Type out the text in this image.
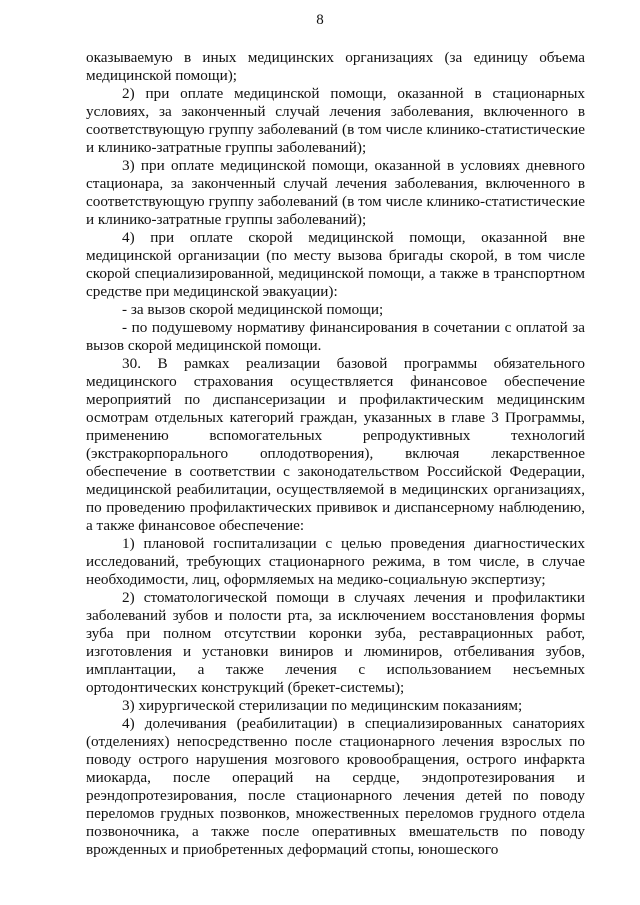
8

оказываемую в иных медицинских организациях (за единицу объема медицинской помощи);

2) при оплате медицинской помощи, оказанной в стационарных условиях, за законченный случай лечения заболевания, включенного в соответствующую группу заболеваний (в том числе клинико-статистические и клинико-затратные группы заболеваний);

3) при оплате медицинской помощи, оказанной в условиях дневного стационара, за законченный случай лечения заболевания, включенного в соответствующую группу заболеваний (в том числе клинико-статистические и клинико-затратные группы заболеваний);

4) при оплате скорой медицинской помощи, оказанной вне медицинской организации (по месту вызова бригады скорой, в том числе скорой специализированной, медицинской помощи, а также в транспортном средстве при медицинской эвакуации):

- за вызов скорой медицинской помощи;

- по подушевому нормативу финансирования в сочетании с оплатой за вызов скорой медицинской помощи.

30. В рамках реализации базовой программы обязательного медицинского страхования осуществляется финансовое обеспечение мероприятий по диспансеризации и профилактическим медицинским осмотрам отдельных категорий граждан, указанных в главе 3 Программы, применению вспомогательных репродуктивных технологий (экстракорпорального оплодотворения), включая лекарственное обеспечение в соответствии с законодательством Российской Федерации, медицинской реабилитации, осуществляемой в медицинских организациях, по проведению профилактических прививок и диспансерному наблюдению, а также финансовое обеспечение:

1) плановой госпитализации с целью проведения диагностических исследований, требующих стационарного режима, в том числе, в случае необходимости, лиц, оформляемых на медико-социальную экспертизу;

2) стоматологической помощи в случаях лечения и профилактики заболеваний зубов и полости рта, за исключением восстановления формы зуба при полном отсутствии коронки зуба, реставрационных работ, изготовления и установки виниров и люминиров, отбеливания зубов, имплантации, а также лечения с использованием несъемных ортодонтических конструкций (брекет-системы);

3) хирургической стерилизации по медицинским показаниям;

4) долечивания (реабилитации) в специализированных санаториях (отделениях) непосредственно после стационарного лечения взрослых по поводу острого нарушения мозгового кровообращения, острого инфаркта миокарда, после операций на сердце, эндопротезирования и реэндопротезирования, после стационарного лечения детей по поводу переломов грудных позвонков, множественных переломов грудного отдела позвоночника, а также после оперативных вмешательств по поводу врожденных и приобретенных деформаций стопы, юношеского
